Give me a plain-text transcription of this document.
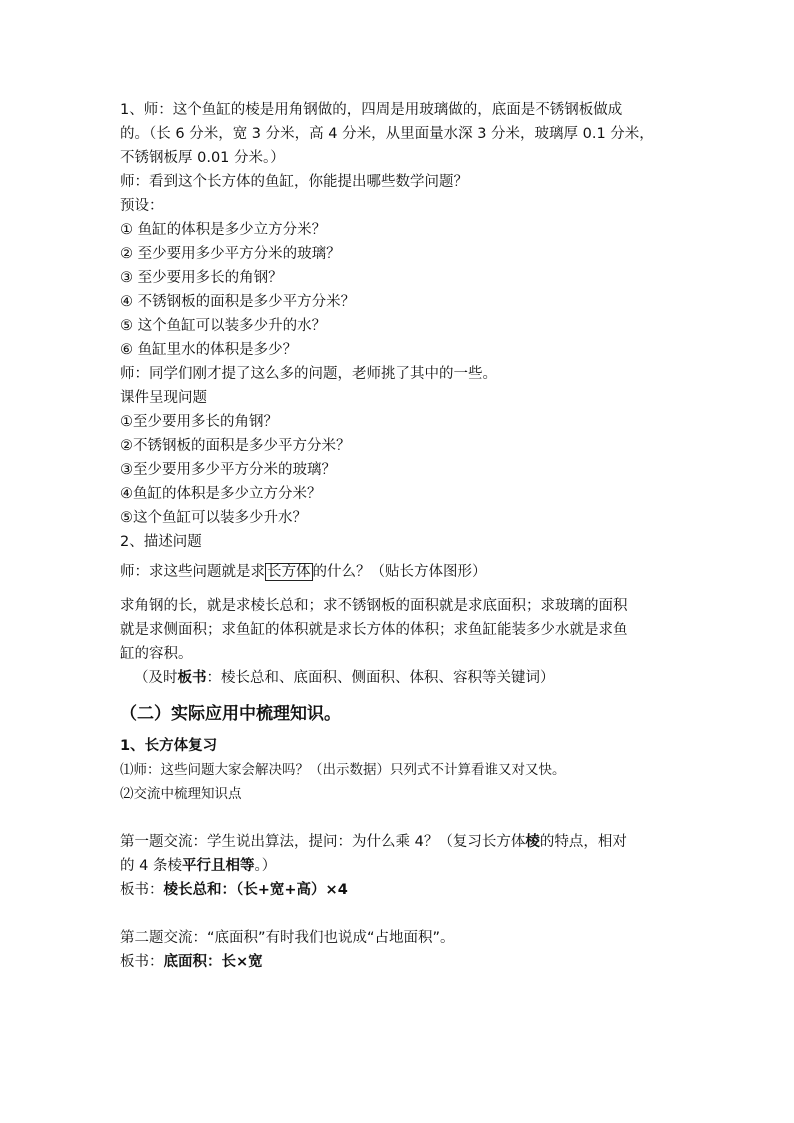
1、师：这个鱼缸的棱是用角钢做的，四周是用玻璃做的，底面是不锈钢板做成
的。（长 6 分米，宽 3 分米，高 4 分米，从里面量水深 3 分米，玻璃厚 0.1 分米，
不锈钢板厚 0.01 分米。）
师：看到这个长方体的鱼缸，你能提出哪些数学问题？
预设：
① 鱼缸的体积是多少立方分米？
② 至少要用多少平方分米的玻璃？
③ 至少要用多长的角钢？
④ 不锈钢板的面积是多少平方分米？
⑤ 这个鱼缸可以装多少升的水？
⑥ 鱼缸里水的体积是多少？
师：同学们刚才提了这么多的问题，老师挑了其中的一些。
课件呈现问题
①至少要用多长的角钢？
②不锈钢板的面积是多少平方分米？
③至少要用多少平方分米的玻璃？
④鱼缸的体积是多少立方分米？
⑤这个鱼缸可以装多少升水？
2、描述问题
师：求这些问题就是求 长方体 的什么？（贴长方体图形）
求角钢的长，就是求棱长总和；求不锈钢板的面积就是求底面积；求玻璃的面积
就是求侧面积；求鱼缸的体积就是求长方体的体积；求鱼缸能装多少水就是求鱼
缸的容积。
（及时板书：棱长总和、底面积、侧面积、体积、容积等关键词）
（二）实际应用中梳理知识。
1、长方体复习
⑴师：这些问题大家会解决吗？（出示数据）只列式不计算看谁又对又快。
⑵交流中梳理知识点
第一题交流：学生说出算法，提问：为什么乘 4？（复习长方体棱的特点，相对
的 4 条棱平行且相等。）
板书：棱长总和：（长+宽+高）×4
第二题交流：“底面积”有时我们也说成“占地面积”。
板书：底面积：长×宽
